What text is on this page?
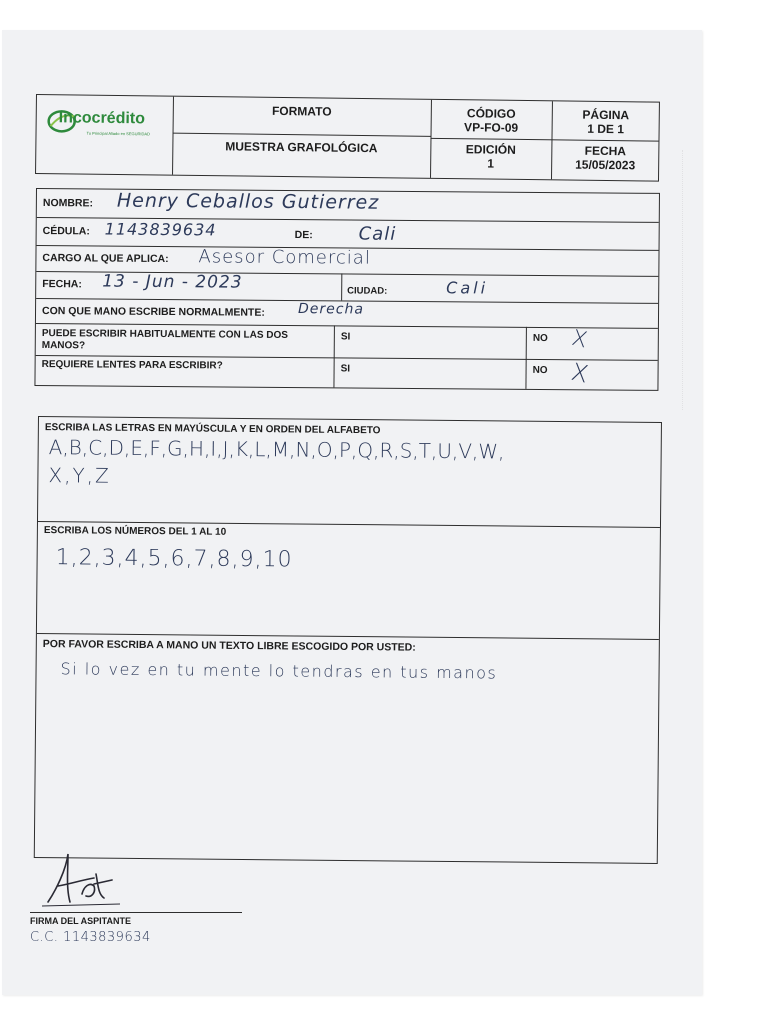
Incocrédito
Tu Principal Aliado en SEGURIDAD
FORMATO
MUESTRA GRAFOLÓGICA
CÓDIGO
VP-FO-09
EDICIÓN
1
PÁGINA
1 DE 1
FECHA
15/05/2023
NOMBRE: Henry Ceballos Gutierrez
CÉDULA: 1143839634	DE:	Cali
CARGO AL QUE APLICA: Asesor Comercial
FECHA: 13 - Jun - 2023	CIUDAD:	Cali
CON QUE MANO ESCRIBE NORMALMENTE: Derecha
PUEDE ESCRIBIR HABITUALMENTE CON LAS DOS
MANOS?
SI	NO X
REQUIERE LENTES PARA ESCRIBIR?	SI	NO X
ESCRIBA LAS LETRAS EN MAYÚSCULA Y EN ORDEN DEL ALFABETO
A,B,C,D,E,F,G,H,I,J,K,L,M,N,O,P,Q,R,S,T,U,V,W,
X,Y,Z
ESCRIBA LOS NÚMEROS DEL 1 AL 10
1,2,3,4,5,6,7,8,9,10
POR FAVOR ESCRIBA A MANO UN TEXTO LIBRE ESCOGIDO POR USTED:
Si lo vez en tu mente lo tendras en tus manos
FIRMA DEL ASPITANTE
C.C. 1143839634
